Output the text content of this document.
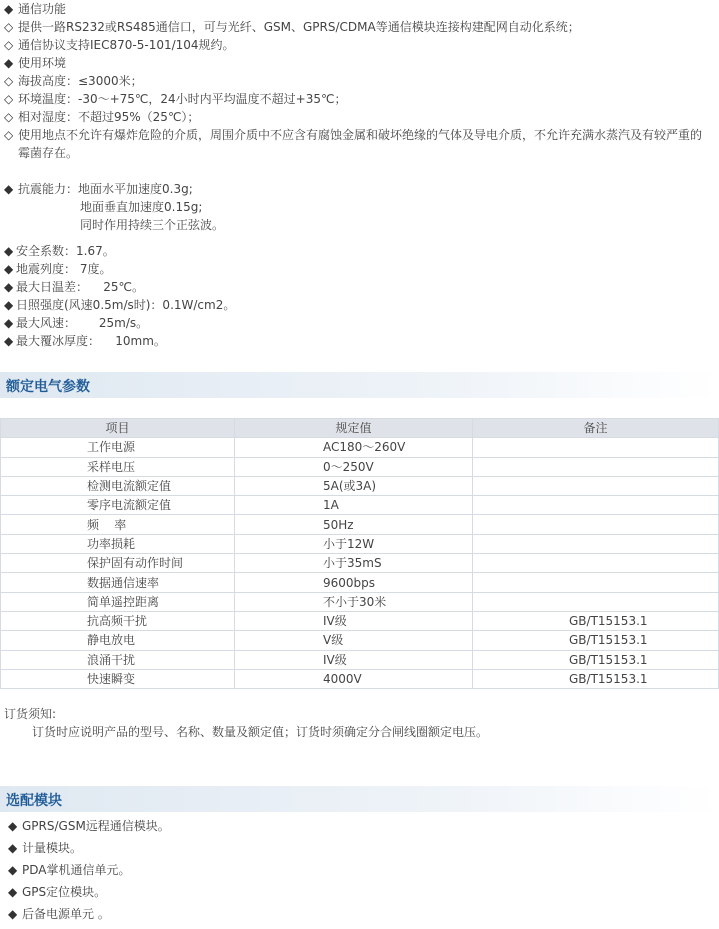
◆ 通信功能
◇ 提供一路RS232或RS485通信口，可与光纤、GSM、GPRS/CDMA等通信模块连接构建配网自动化系统；
◇ 通信协议支持IEC870-5-101/104规约。
◆ 使用环境
◇ 海拔高度：≤3000米；
◇ 环境温度：-30〜+75℃，24小时内平均温度不超过+35℃；
◇ 相对湿度：不超过95%（25℃）；
◇ 使用地点不允许有爆炸危险的介质，周围介质中不应含有腐蚀金属和破坏绝缘的气体及导电介质，不允许充满水蒸汽及有较严重的霉菌存在。
◆ 抗震能力：地面水平加速度0.3g;
地面垂直加速度0.15g;
同时作用持续三个正弦波。
◆ 安全系数：1.67。
◆ 地震列度： 7度。
◆ 最大日温差：    25℃。
◆ 日照强度(风速0.5m/s时)：0.1W/cm2。
◆ 最大风速：      25m/s。
◆ 最大覆冰厚度：    10mm。
额定电气参数
项目	规定值	备注
工作电源	AC180～260V	
采样电压	0～250V	
检测电流额定值	5A(或3A)	
零序电流额定值	1A	
频    率	50Hz	
功率损耗	小于12W	
保护固有动作时间	小于35mS	
数据通信速率	9600bps	
简单遥控距离	不小于30米	
抗高频干扰	IV级	GB/T15153.1
静电放电	V级	GB/T15153.1
浪涌干扰	IV级	GB/T15153.1
快速瞬变	4000V	GB/T15153.1
订货须知:
订货时应说明产品的型号、名称、数量及额定值；订货时须确定分合闸线圈额定电压。
选配模块
◆ GPRS/GSM远程通信模块。
◆ 计量模块。
◆ PDA掌机通信单元。
◆ GPS定位模块。
◆ 后备电源单元 。
